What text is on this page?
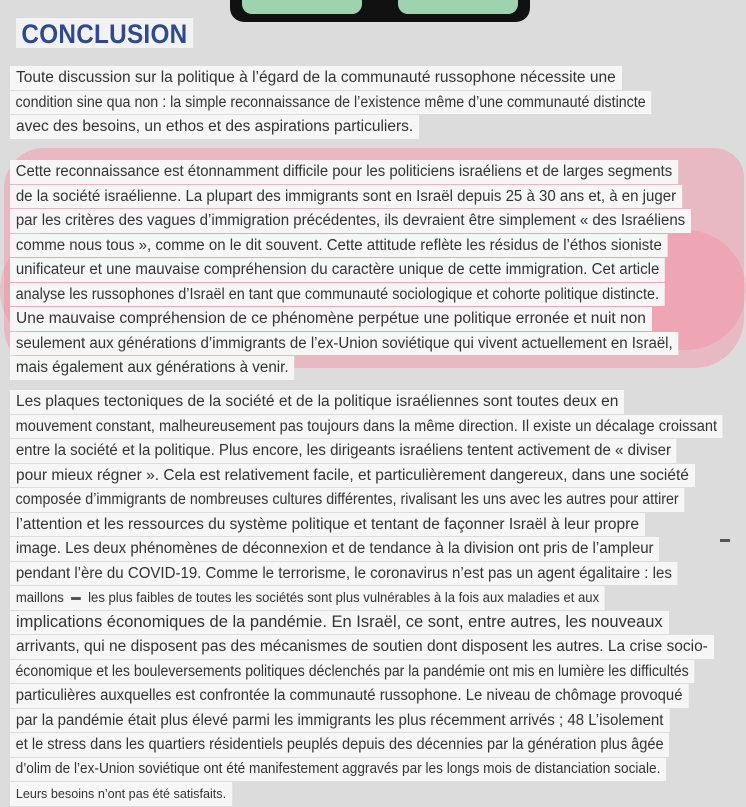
CONCLUSION
Toute discussion sur la politique à l’égard de la communauté russophone nécessite une
condition sine qua non : la simple reconnaissance de l’existence même d’une communauté distincte
avec des besoins, un ethos et des aspirations particuliers.
Cette reconnaissance est étonnamment difficile pour les politiciens israéliens et de larges segments
de la société israélienne. La plupart des immigrants sont en Israël depuis 25 à 30 ans et, à en juger
par les critères des vagues d’immigration précédentes, ils devraient être simplement « des Israéliens
comme nous tous », comme on le dit souvent. Cette attitude reflète les résidus de l’éthos sioniste
unificateur et une mauvaise compréhension du caractère unique de cette immigration. Cet article
analyse les russophones d’Israël en tant que communauté sociologique et cohorte politique distincte.
Une mauvaise compréhension de ce phénomène perpétue une politique erronée et nuit non
seulement aux générations d’immigrants de l’ex-Union soviétique qui vivent actuellement en Israël,
mais également aux générations à venir.
Les plaques tectoniques de la société et de la politique israéliennes sont toutes deux en
mouvement constant, malheureusement pas toujours dans la même direction. Il existe un décalage croissant
entre la société et la politique. Plus encore, les dirigeants israéliens tentent activement de « diviser
pour mieux régner ». Cela est relativement facile, et particulièrement dangereux, dans une société
composée d’immigrants de nombreuses cultures différentes, rivalisant les uns avec les autres pour attirer
l’attention et les ressources du système politique et tentant de façonner Israël à leur propre
image. Les deux phénomènes de déconnexion et de tendance à la division ont pris de l’ampleur
pendant l’ère du COVID-19. Comme le terrorisme, le coronavirus n’est pas un agent égalitaire : les
maillons les plus faibles de toutes les sociétés sont plus vulnérables à la fois aux maladies et aux
implications économiques de la pandémie. En Israël, ce sont, entre autres, les nouveaux
arrivants, qui ne disposent pas des mécanismes de soutien dont disposent les autres. La crise socio-
économique et les bouleversements politiques déclenchés par la pandémie ont mis en lumière les difficultés
particulières auxquelles est confrontée la communauté russophone. Le niveau de chômage provoqué
par la pandémie était plus élevé parmi les immigrants les plus récemment arrivés ; 48 L’isolement
et le stress dans les quartiers résidentiels peuplés depuis des décennies par la génération plus âgée
d’olim de l’ex-Union soviétique ont été manifestement aggravés par les longs mois de distanciation sociale.
Leurs besoins n’ont pas été satisfaits.
